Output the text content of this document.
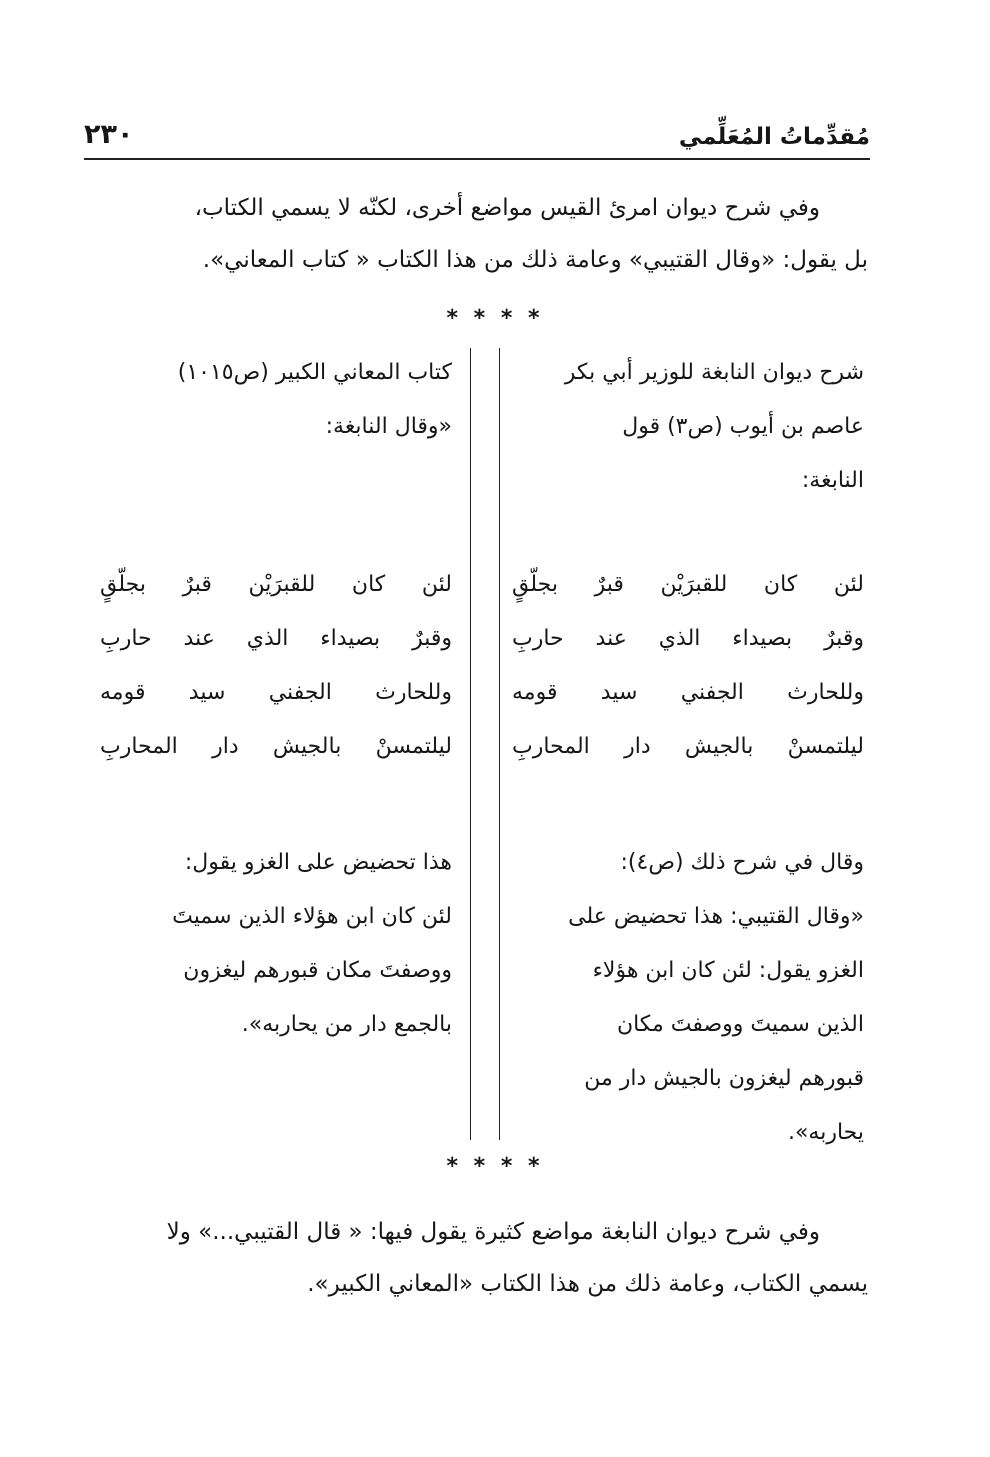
مُقدِّماتُ المُعَلِّمي
٢٣٠
وفي شرح ديوان امرئ القيس مواضع أخرى، لكنّه لا يسمي الكتاب،
بل يقول: «وقال القتيبي» وعامة ذلك من هذا الكتاب « كتاب المعاني».
* * * *

شرح ديوان النابغة للوزير أبي بكر

عاصم بن أيوب (ص٣) قول

النابغة:

لئن كان للقبرَيْن قبرٌ بجلّقٍ

وقبرٌ بصيداء الذي عند حاربِ

وللحارث الجفني سيد قومه

ليلتمسنْ بالجيش دار المحاربِ

وقال في شرح ذلك (ص٤):

«وقال القتيبي: هذا تحضيض على

الغزو يقول: لئن كان ابن هؤلاء

الذين سميتَ ووصفتَ مكان

قبورهم ليغزون بالجيش دار من

يحاربه».

كتاب المعاني الكبير (ص١٠١٥)

«وقال النابغة:

لئن كان للقبرَيْن قبرٌ بجلّقٍ

وقبرٌ بصيداء الذي عند حاربِ

وللحارث الجفني سيد قومه

ليلتمسنْ بالجيش دار المحاربِ

هذا تحضيض على الغزو يقول:

لئن كان ابن هؤلاء الذين سميتَ

ووصفتَ مكان قبورهم ليغزون

بالجمع دار من يحاربه».

* * * *
وفي شرح ديوان النابغة مواضع كثيرة يقول فيها: « قال القتيبي...» ولا
يسمي الكتاب، وعامة ذلك من هذا الكتاب «المعاني الكبير».
